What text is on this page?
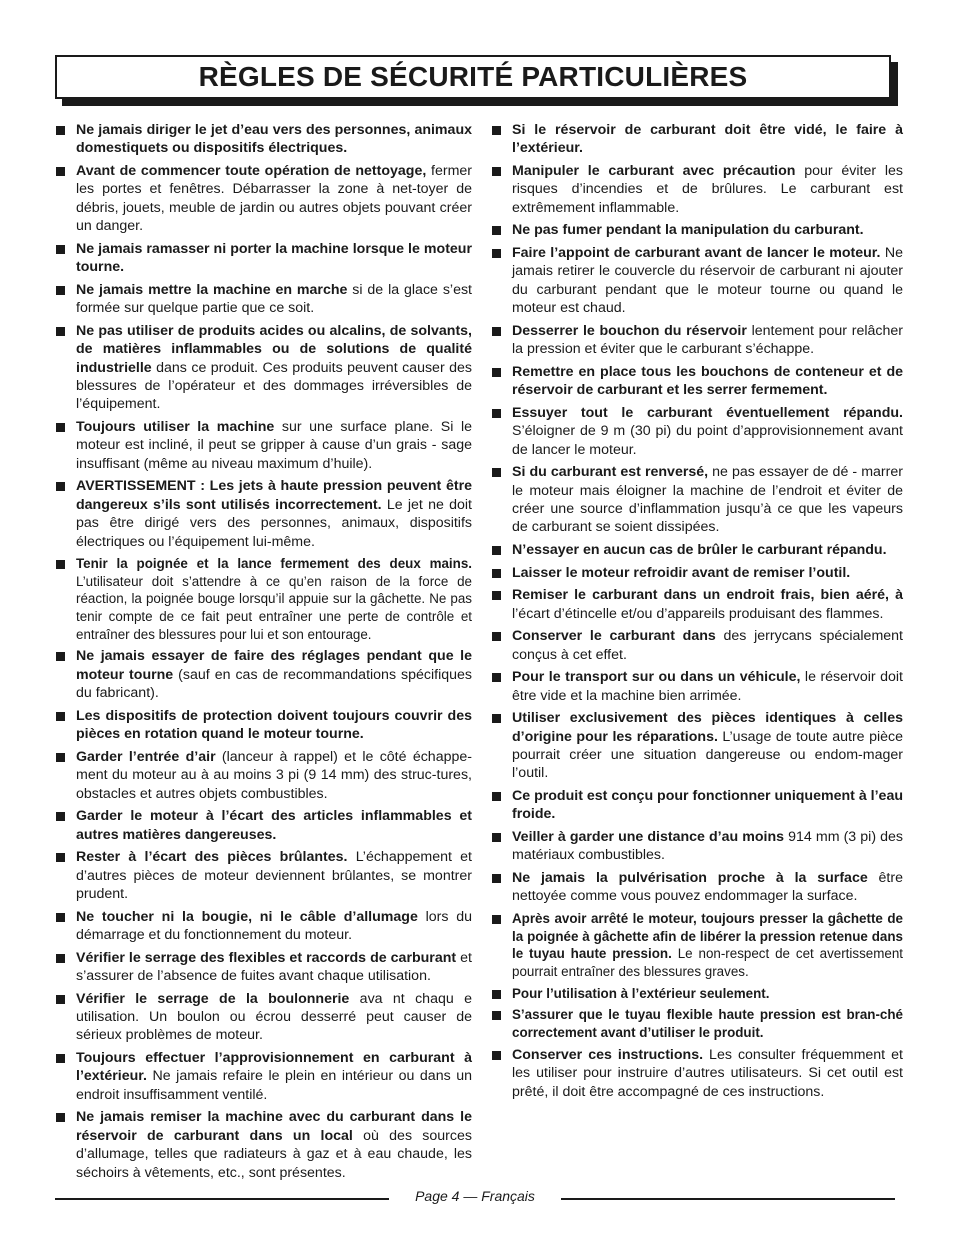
RÈGLES DE SÉCURITÉ PARTICULIÈRES
Ne jamais diriger le jet d’eau vers des personnes, animaux domestiquets ou dispositifs électriques.
Avant de commencer toute opération de nettoyage, fermer les portes et fenêtres. Débarrasser la zone à net-toyer de débris, jouets, meuble de jardin ou autres objets pouvant créer un danger.
Ne jamais ramasser ni porter la machine lorsque le moteur tourne.
Ne jamais mettre la machine en marche si de la glace s’est formée sur quelque partie que ce soit.
Ne pas utiliser de produits acides ou alcalins, de solvants, de matières inflammables ou de solutions de qualité industrielle dans ce produit. Ces produits peuvent causer des blessures de l’opérateur et des dommages irréversibles de l’équipement.
Toujours utiliser la machine sur une surface plane. Si le moteur est incliné, il peut se gripper à cause d’un grais - sage insuffisant (même au niveau maximum d’huile).
AVERTISSEMENT : Les jets à haute pression peuvent être dangereux s’ils sont utilisés incorrectement. Le jet ne doit pas être dirigé vers des personnes, animaux, dispositifs électriques ou l’équipement lui-même.
Tenir la poignée et la lance fermement des deux mains. L’utilisateur doit s’attendre à ce qu’en raison de la force de réaction, la poignée bouge lorsqu’il appuie sur la gâchette. Ne pas tenir compte de ce fait peut entraîner une perte de contrôle et entraîner des blessures pour lui et son entourage.
Ne jamais essayer de faire des réglages pendant que le moteur tourne (sauf en cas de recommandations spécifiques du fabricant).
Les dispositifs de protection doivent toujours couvrir des pièces en rotation quand le moteur tourne.
Garder l’entrée d’air (lanceur à rappel) et le côté échappe-ment du moteur au à au moins 3 pi (9 14 mm) des struc-tures, obstacles et autres objets combustibles.
Garder le moteur à l’écart des articles inflammables et autres matières dangereuses.
Rester à l’écart des pièces brûlantes. L’échappement et d’autres pièces de moteur deviennent brûlantes, se montrer prudent.
Ne toucher ni la bougie, ni le câble d’allumage lors du démarrage et du fonctionnement du moteur.
Vérifier le serrage des flexibles et raccords de carburant et s’assurer de l’absence de fuites avant chaque utilisation.
Vérifier le serrage de la boulonnerie ava nt chaqu e utilisation. Un boulon ou écrou desserré peut causer de sérieux problèmes de moteur.
Toujours effectuer l’approvisionnement en carburant à l’extérieur. Ne jamais refaire le plein en intérieur ou dans un endroit insuffisamment ventilé.
Ne jamais remiser la machine avec du carburant dans le réservoir de carburant dans un local où des sources d’allumage, telles que radiateurs à gaz et à eau chaude, les séchoirs à vêtements, etc., sont présentes.
Si le réservoir de carburant doit être vidé, le faire à l’extérieur.
Manipuler le carburant avec précaution pour éviter les risques d’incendies et de brûlures. Le carburant est extrêmement inflammable.
Ne pas fumer pendant la manipulation du carburant.
Faire l’appoint de carburant avant de lancer le moteur. Ne jamais retirer le couvercle du réservoir de carburant ni ajouter du carburant pendant que le moteur tourne ou quand le moteur est chaud.
Desserrer le bouchon du réservoir lentement pour relâcher la pression et éviter que le carburant s’échappe.
Remettre en place tous les bouchons de conteneur et de réservoir de carburant et les serrer fermement.
Essuyer tout le carburant éventuellement répandu. S’éloigner de 9 m (30 pi) du point d’approvisionnement avant de lancer le moteur.
Si du carburant est renversé, ne pas essayer de dé - marrer le moteur mais éloigner la machine de l’endroit et éviter de créer une source d’inflammation jusqu’à ce que les vapeurs de carburant se soient dissipées.
N’essayer en aucun cas de brûler le carburant répandu.
Laisser le moteur refroidir avant de remiser l’outil.
Remiser le carburant dans un endroit frais, bien aéré, à l’écart d’étincelle et/ou d’appareils produisant des flammes.
Conserver le carburant dans des jerrycans spécialement conçus à cet effet.
Pour le transport sur ou dans un véhicule, le réservoir doit être vide et la machine bien arrimée.
Utiliser exclusivement des pièces identiques à celles d’origine pour les réparations. L’usage de toute autre pièce pourrait créer une situation dangereuse ou endom-mager l’outil.
Ce produit est conçu pour fonctionner uniquement à l’eau froide.
Veiller à garder une distance d’au moins 914 mm (3 pi) des matériaux combustibles.
Ne jamais la pulvérisation proche à la surface être nettoyée comme vous pouvez endommager la surface.
Après avoir arrêté le moteur, toujours presser la gâchette de la poignée à gâchette afin de libérer la pression retenue dans le tuyau haute pression. Le non-respect de cet avertissement pourrait entraîner des blessures graves.
Pour l’utilisation à l’extérieur seulement.
S’assurer que le tuyau flexible haute pression est bran-ché correctement avant d’utiliser le produit.
Conserver ces instructions. Les consulter fréquemment et les utiliser pour instruire d’autres utilisateurs. Si cet outil est prêté, il doit être accompagné de ces instructions.
Page 4 — Français
